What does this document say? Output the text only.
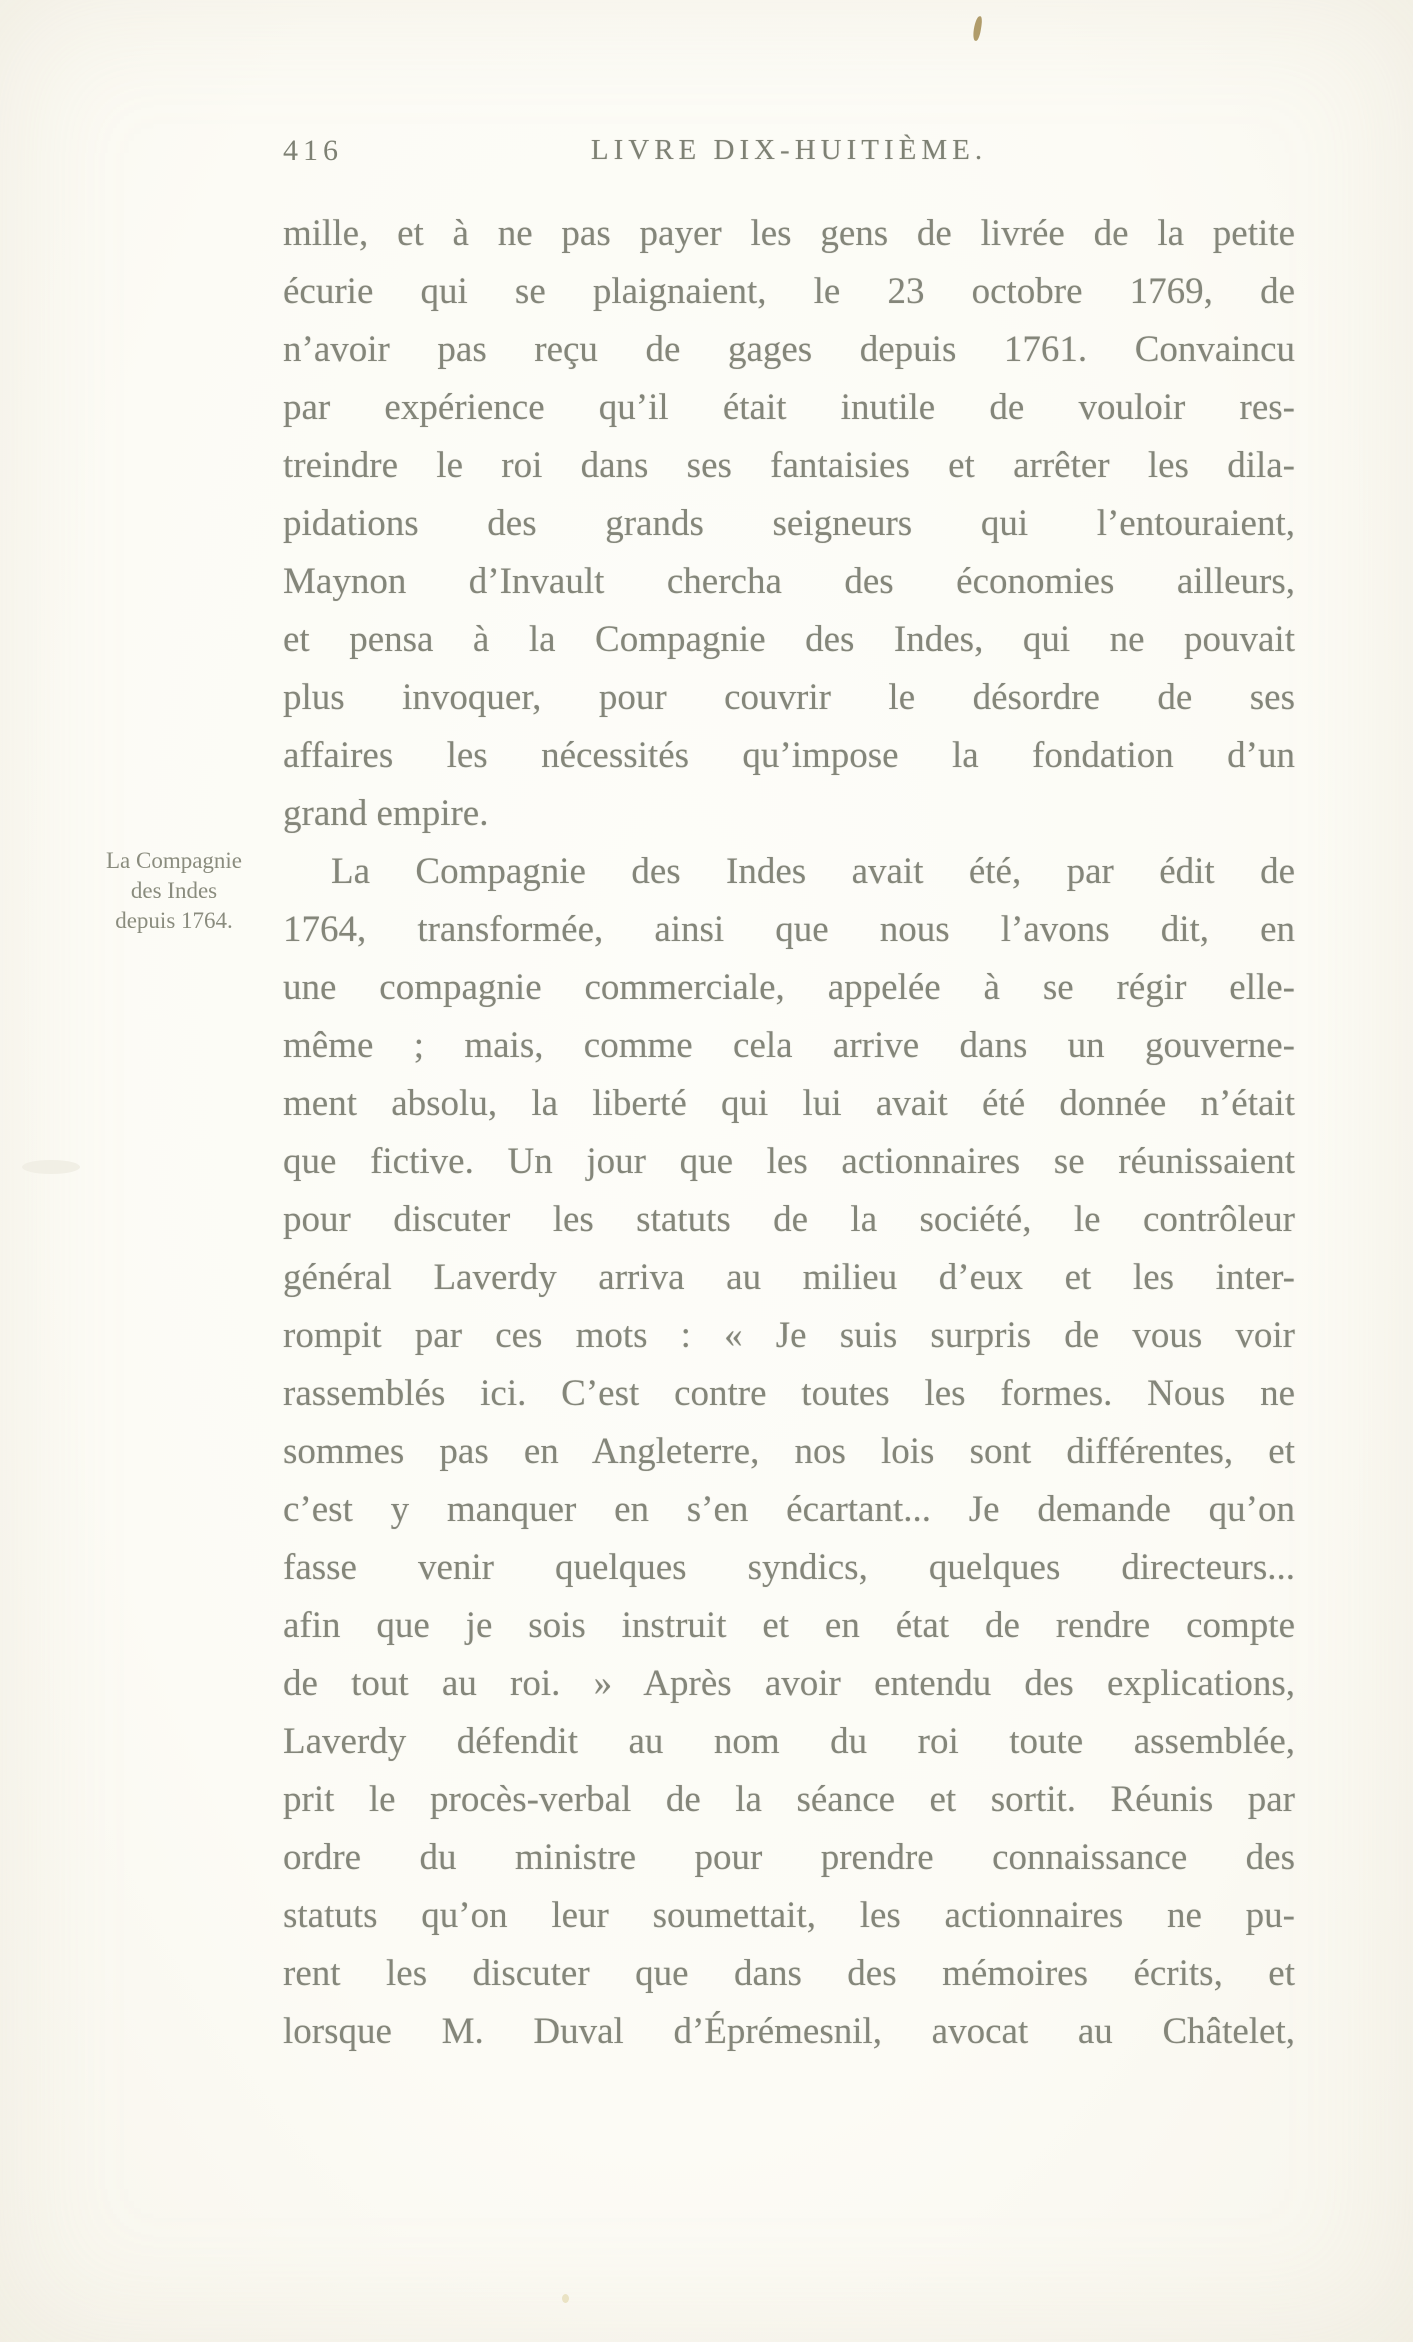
416	LIVRE DIX-HUITIÈME.
La Compagnie
des Indes
depuis 1764.
mille, et à ne pas payer les gens de livrée de la petite
écurie qui se plaignaient, le 23 octobre 1769, de
n’avoir pas reçu de gages depuis 1761. Convaincu
par expérience qu’il était inutile de vouloir res-
treindre le roi dans ses fantaisies et arrêter les dila-
pidations des grands seigneurs qui l’entouraient,
Maynon d’Invault chercha des économies ailleurs,
et pensa à la Compagnie des Indes, qui ne pouvait
plus invoquer, pour couvrir le désordre de ses
affaires les nécessités qu’impose la fondation d’un
grand empire.
La Compagnie des Indes avait été, par édit de
1764, transformée, ainsi que nous l’avons dit, en
une compagnie commerciale, appelée à se régir elle-
même ; mais, comme cela arrive dans un gouverne-
ment absolu, la liberté qui lui avait été donnée n’était
que fictive. Un jour que les actionnaires se réunissaient
pour discuter les statuts de la société, le contrôleur
général Laverdy arriva au milieu d’eux et les inter-
rompit par ces mots : « Je suis surpris de vous voir
rassemblés ici. C’est contre toutes les formes. Nous ne
sommes pas en Angleterre, nos lois sont différentes, et
c’est y manquer en s’en écartant... Je demande qu’on
fasse venir quelques syndics, quelques directeurs...
afin que je sois instruit et en état de rendre compte
de tout au roi. » Après avoir entendu des explications,
Laverdy défendit au nom du roi toute assemblée,
prit le procès-verbal de la séance et sortit. Réunis par
ordre du ministre pour prendre connaissance des
statuts qu’on leur soumettait, les actionnaires ne pu-
rent les discuter que dans des mémoires écrits, et
lorsque M. Duval d’Éprémesnil, avocat au Châtelet,
